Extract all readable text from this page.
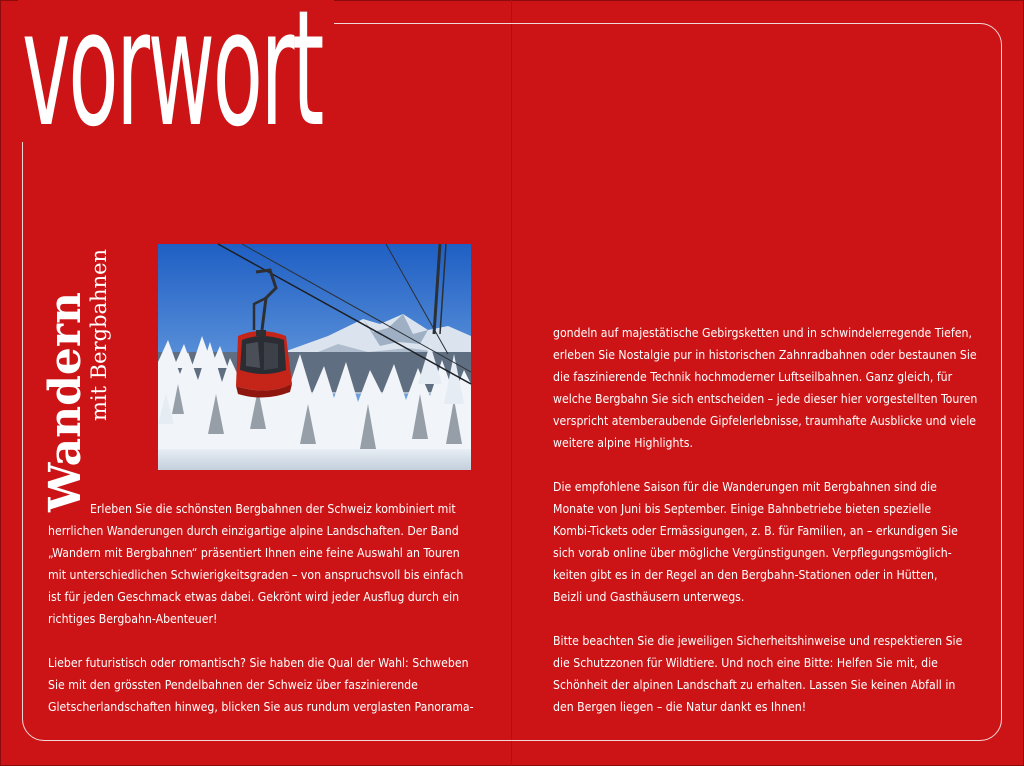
vorwort
Wandern
mit Bergbahnen

Erleben Sie die schönsten Bergbahnen der Schweiz kombiniert mit

herrlichen Wanderungen durch einzigartige alpine Landschaften. Der Band

„Wandern mit Bergbahnen“ präsentiert Ihnen eine feine Auswahl an Touren

mit unterschiedlichen Schwierigkeitsgraden – von anspruchsvoll bis einfach

ist für jeden Geschmack etwas dabei. Gekrönt wird jeder Ausflug durch ein

richtiges Bergbahn-Abenteuer!

Lieber futuristisch oder romantisch? Sie haben die Qual der Wahl: Schweben

Sie mit den grössten Pendelbahnen der Schweiz über faszinierende

Gletscherlandschaften hinweg, blicken Sie aus rundum verglasten Panorama-

gondeln auf majestätische Gebirgsketten und in schwindelerregende Tiefen,

erleben Sie Nostalgie pur in historischen Zahnradbahnen oder bestaunen Sie

die faszinierende Technik hochmoderner Luftseilbahnen. Ganz gleich, für

welche Bergbahn Sie sich entscheiden – jede dieser hier vorgestellten Touren

verspricht atemberaubende Gipfelerlebnisse, traumhafte Ausblicke und viele

weitere alpine Highlights.

Die empfohlene Saison für die Wanderungen mit Bergbahnen sind die

Monate von Juni bis September. Einige Bahnbetriebe bieten spezielle

Kombi-Tickets oder Ermässigungen, z. B. für Familien, an – erkundigen Sie

sich vorab online über mögliche Vergünstigungen. Verpflegungsmöglich-

keiten gibt es in der Regel an den Bergbahn-Stationen oder in Hütten,

Beizli und Gasthäusern unterwegs.

Bitte beachten Sie die jeweiligen Sicherheitshinweise und respektieren Sie

die Schutzzonen für Wildtiere. Und noch eine Bitte: Helfen Sie mit, die

Schönheit der alpinen Landschaft zu erhalten. Lassen Sie keinen Abfall in

den Bergen liegen – die Natur dankt es Ihnen!
